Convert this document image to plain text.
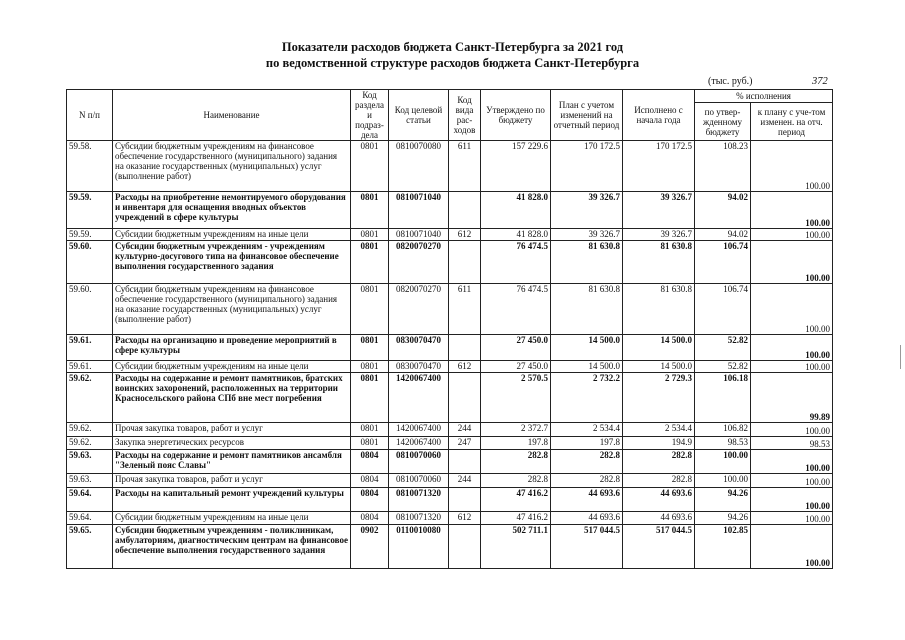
Показатели расходов бюджета Санкт-Петербурга за 2021 год
по ведомственной структуре расходов бюджета Санкт-Петербурга
(тыс. руб.)	372
N п/п	Наименование	Код раздела и подраз-дела	Код целевой статьи	Код вида рас-ходов	Утверждено по бюджету	План с учетом изменений на отчетный период	Исполнено с начала года	% исполнения	
								по утвер-жденному бюджету	к плану с уче-том изменен. на отч. период
59.58.	Субсидии бюджетным учреждениям на финансовое обеспечение государственного (муниципального) задания на оказание государственных (муниципальных) услуг (выполнение работ)	0801	0810070080	611	157 229.6	170 172.5	170 172.5	108.23	100.00
59.59.	Расходы на приобретение немонтируемого оборудования и инвентаря для оснащения вводных объектов учреждений в сфере культуры	0801	0810071040		41 828.0	39 326.7	39 326.7	94.02	100.00
59.59.	Субсидии бюджетным учреждениям на иные цели	0801	0810071040	612	41 828.0	39 326.7	39 326.7	94.02	100.00
59.60.	Субсидии бюджетным учреждениям - учреждениям культурно-досугового типа на финансовое обеспечение выполнения государственного задания	0801	0820070270		76 474.5	81 630.8	81 630.8	106.74	100.00
59.60.	Субсидии бюджетным учреждениям на финансовое обеспечение государственного (муниципального) задания на оказание государственных (муниципальных) услуг (выполнение работ)	0801	0820070270	611	76 474.5	81 630.8	81 630.8	106.74	100.00
59.61.	Расходы на организацию и проведение мероприятий в сфере культуры	0801	0830070470		27 450.0	14 500.0	14 500.0	52.82	100.00
59.61.	Субсидии бюджетным учреждениям на иные цели	0801	0830070470	612	27 450.0	14 500.0	14 500.0	52.82	100.00
59.62.	Расходы на содержание и ремонт памятников, братских воинских захоронений, расположенных на территории Красносельского района СПб вне мест погребения	0801	1420067400		2 570.5	2 732.2	2 729.3	106.18	99.89
59.62.	Прочая закупка товаров, работ и услуг	0801	1420067400	244	2 372.7	2 534.4	2 534.4	106.82	100.00
59.62.	Закупка энергетических ресурсов	0801	1420067400	247	197.8	197.8	194.9	98.53	98.53
59.63.	Расходы на содержание и ремонт памятников ансамбля "Зеленый пояс Славы"	0804	0810070060		282.8	282.8	282.8	100.00	100.00
59.63.	Прочая закупка товаров, работ и услуг	0804	0810070060	244	282.8	282.8	282.8	100.00	100.00
59.64.	Расходы на капитальный ремонт учреждений культуры	0804	0810071320		47 416.2	44 693.6	44 693.6	94.26	100.00
59.64.	Субсидии бюджетным учреждениям на иные цели	0804	0810071320	612	47 416.2	44 693.6	44 693.6	94.26	100.00
59.65.	Субсидии бюджетным учреждениям - поликлиникам, амбулаториям, диагностическим центрам на финансовое обеспечение выполнения государственного задания	0902	0110010080		502 711.1	517 044.5	517 044.5	102.85	100.00
